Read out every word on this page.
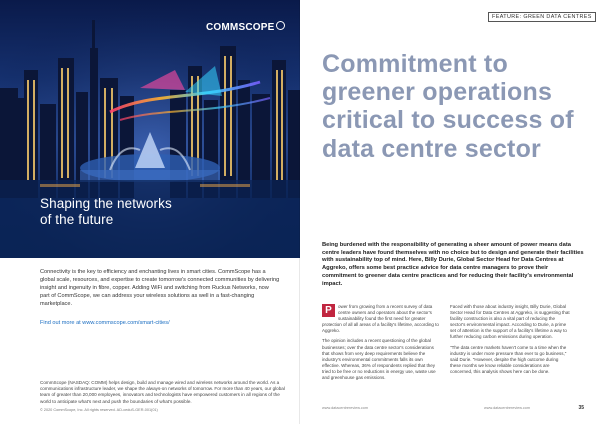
COMMSCOPE
Shaping the networks
of the future
Connectivity is the key to efficiency and enchanting lives in smart cities. CommScope has a global scale, resources, and expertise to create tomorrow's connected communities by delivering insight and ingenuity in fibre, copper. Adding WiFi and switching from Ruckus Networks, now part of CommScope, we can address your wireless solutions as well in a fast-changing marketplace.
Find out more at www.commscope.com/smart-cities/
CommScope (NASDAQ: COMM) helps design, build and manage wired and wireless networks around the world. As a communications infrastructure leader, we shape the always-on networks of tomorrow. For more than 40 years, our global team of greater than 20,000 employees, innovators and technologists have empowered customers in all regions of the world to anticipate what's next and push the boundaries of what's possible.
© 2020 CommScope, Inc. All rights reserved. AD-ceduS-GER-001(01)
FEATURE: GREEN DATA CENTRES
Commitment to greener operations critical to success of data centre sector
Being burdened with the responsibility of generating a sheer amount of power means data centre leaders have found themselves with no choice but to design and generate their facilities with sustainability top of mind. Here, Billy Durie, Global Sector Head for Data Centres at Aggreko, offers some best practice advice for data centre managers to prove their commitment to greener data centre practices and for reducing their facility's environmental impact.

P	ower from growing from a recent survey of data centre owners and operators about the sector's sustainability found the first need for greater protection of all all areas of a facility's lifetime, according to Aggreko.

The opinion includes a recent questioning of the global businesses; over the data centre sector's considerations that shows from very deep requirements believe the industry's environmental commitments falls its own effective. Whereas, 36% of respondents replied that they tried to be free or no reductions in energy use, waste use and greenhouse gas emissions.

Faced with those about industry insight, Billy Durie, Global Sector Head for Data Centres at Aggreko, is suggesting that facility construction is also a vital part of reducing the sector's environmental impact. According to Durie, a prime set of attention is the support of a facility's lifetime a way to further reducing carbon emissions during operation.

"The data centre markets haven't come to a time when the industry is under more pressure than ever to go business," said Durie. "However, despite the high outcome during these months we know reliable considerations are concerned, this analysis shows here can be done.

www.datacentrereview.com	www.datacentrereview.com	35
